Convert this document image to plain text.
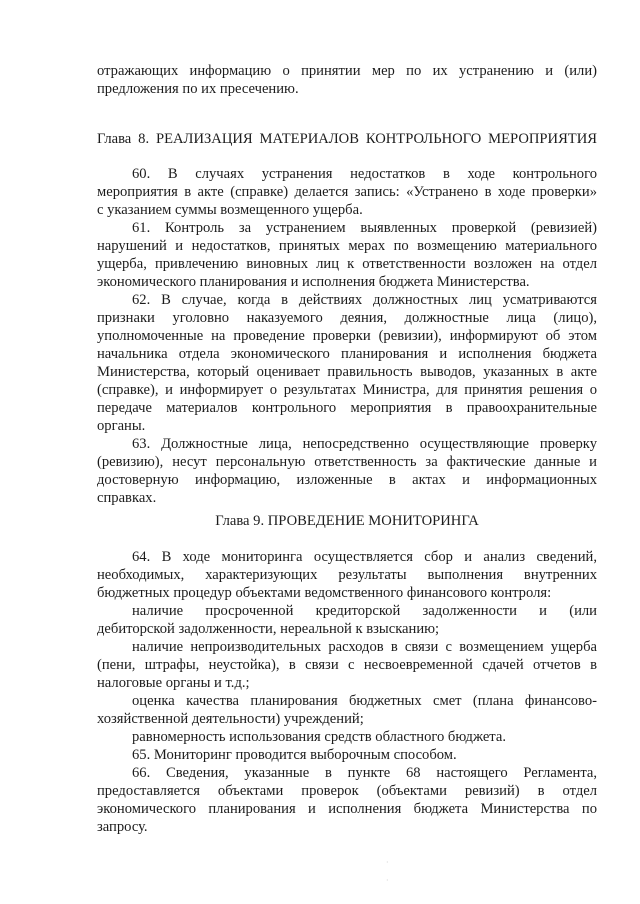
отражающих информацию о принятии мер по их устранению и (или)
предложения по их пресечению.
Глава 8. РЕАЛИЗАЦИЯ МАТЕРИАЛОВ КОНТРОЛЬНОГО МЕРОПРИЯТИЯ
60. В случаях устранения недостатков в ходе контрольного
мероприятия в акте (справке) делается запись: «Устранено в ходе проверки»
с указанием суммы возмещенного ущерба.
61. Контроль за устранением выявленных проверкой (ревизией)
нарушений и недостатков, принятых мерах по возмещению материального
ущерба, привлечению виновных лиц к ответственности возложен на отдел
экономического планирования и исполнения бюджета Министерства.
62. В случае, когда в действиях должностных лиц усматриваются
признаки уголовно наказуемого деяния, должностные лица (лицо),
уполномоченные на проведение проверки (ревизии), информируют об этом
начальника отдела экономического планирования и исполнения бюджета
Министерства, который оценивает правильность выводов, указанных в акте
(справке), и информирует о результатах Министра, для принятия решения о
передаче материалов контрольного мероприятия в правоохранительные
органы.
63. Должностные лица, непосредственно осуществляющие проверку
(ревизию), несут персональную ответственность за фактические данные и
достоверную информацию, изложенные в актах и информационных
справках.
Глава 9. ПРОВЕДЕНИЕ МОНИТОРИНГА
64. В ходе мониторинга осуществляется сбор и анализ сведений,
необходимых, характеризующих результаты выполнения внутренних
бюджетных процедур объектами ведомственного финансового контроля:
наличие просроченной кредиторской задолженности и (или
дебиторской задолженности, нереальной к взысканию;
наличие непроизводительных расходов в связи с возмещением ущерба
(пени, штрафы, неустойка), в связи с несвоевременной сдачей отчетов в
налоговые органы и т.д.;
оценка качества планирования бюджетных смет (плана финансово-
хозяйственной деятельности) учреждений;
равномерность использования средств областного бюджета.
65. Мониторинг проводится выборочным способом.
66. Сведения, указанные в пункте 68 настоящего Регламента,
предоставляется объектами проверок (объектами ревизий) в отдел
экономического планирования и исполнения бюджета Министерства по
запросу.
·
·
